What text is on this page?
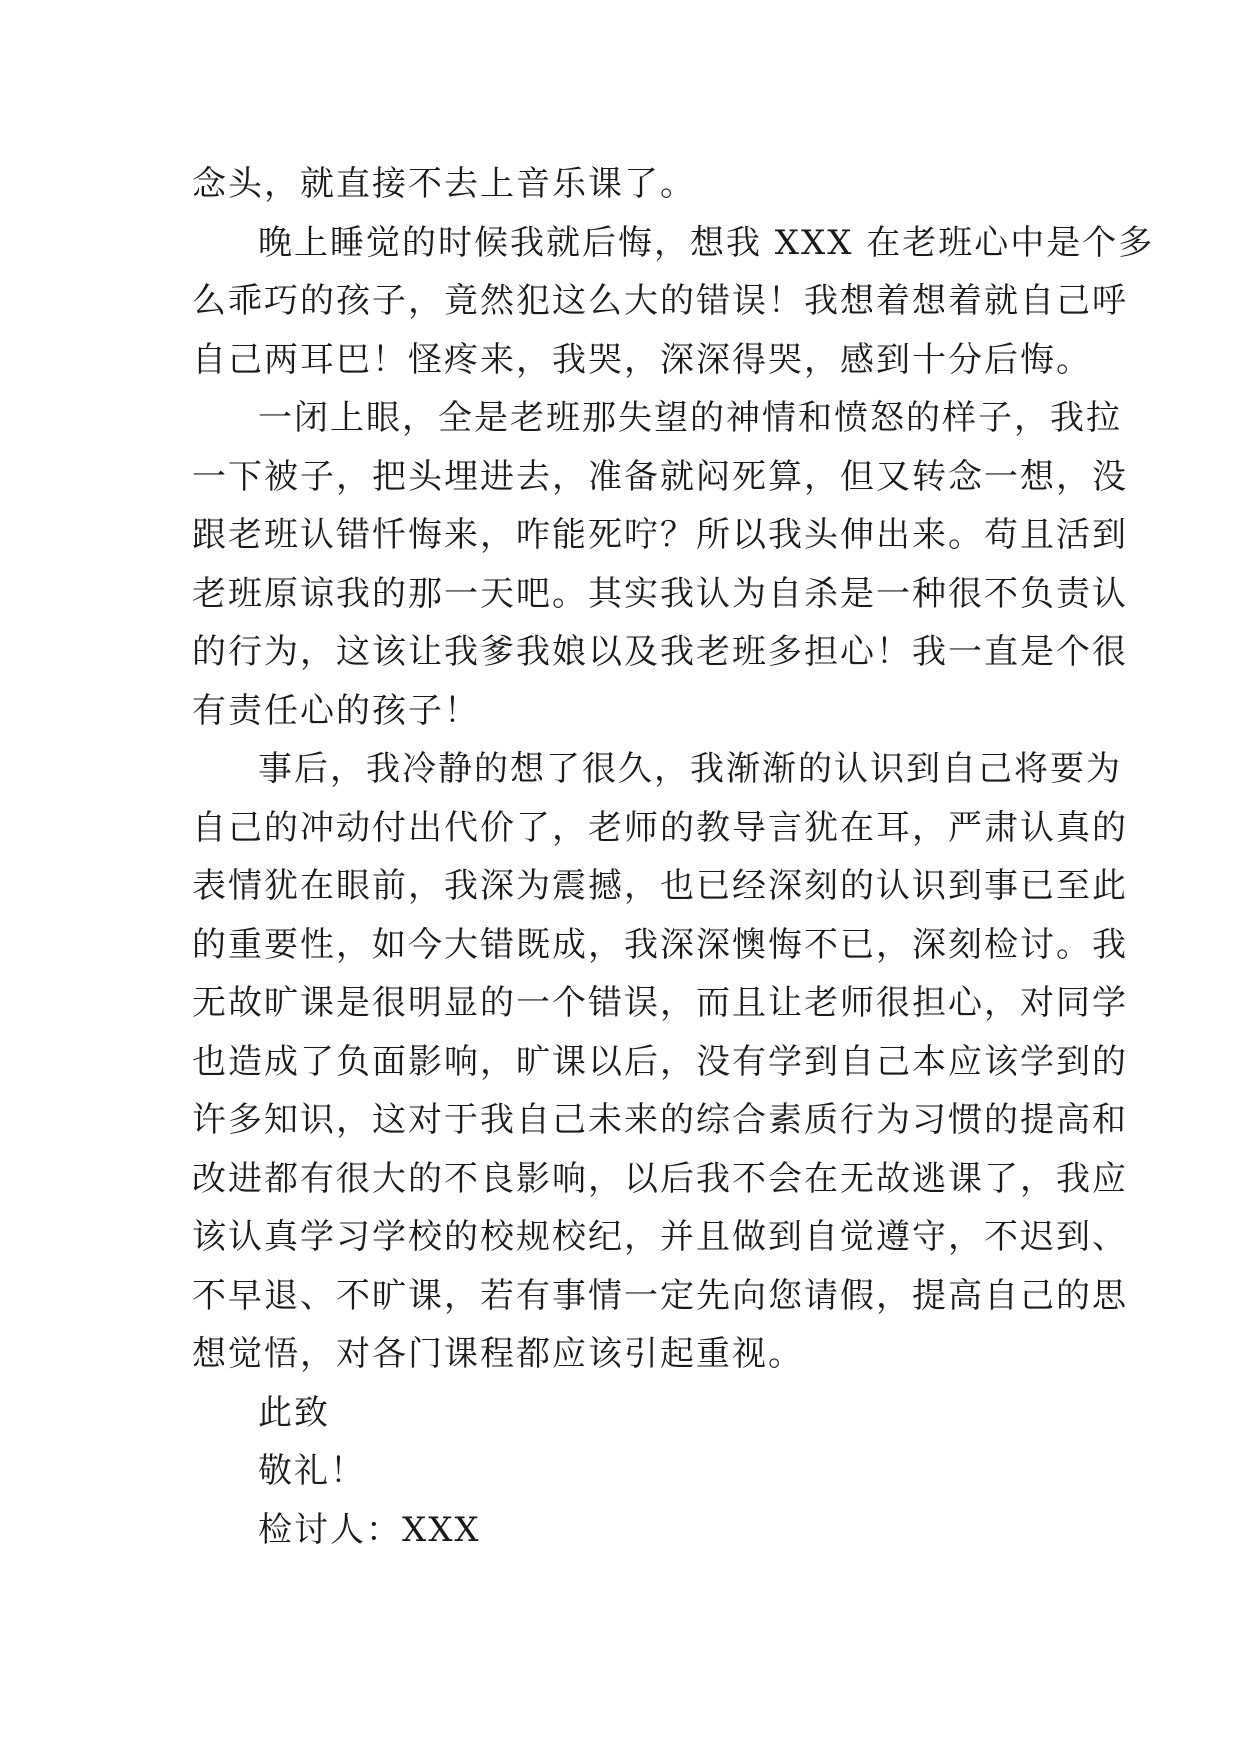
念头，就直接不去上音乐课了。
晚上睡觉的时候我就后悔，想我 XXX 在老班心中是个多
么乖巧的孩子，竟然犯这么大的错误！我想着想着就自己呼
自己两耳巴！怪疼来，我哭，深深得哭，感到十分后悔。
一闭上眼，全是老班那失望的神情和愤怒的样子，我拉
一下被子，把头埋进去，准备就闷死算，但又转念一想，没
跟老班认错忏悔来，咋能死咛？所以我头伸出来。苟且活到
老班原谅我的那一天吧。其实我认为自杀是一种很不负责认
的行为，这该让我爹我娘以及我老班多担心！我一直是个很
有责任心的孩子！
事后，我冷静的想了很久，我渐渐的认识到自己将要为
自己的冲动付出代价了，老师的教导言犹在耳，严肃认真的
表情犹在眼前，我深为震撼，也已经深刻的认识到事已至此
的重要性，如今大错既成，我深深懊悔不已，深刻检讨。我
无故旷课是很明显的一个错误，而且让老师很担心，对同学
也造成了负面影响，旷课以后，没有学到自己本应该学到的
许多知识，这对于我自己未来的综合素质行为习惯的提高和
改进都有很大的不良影响，以后我不会在无故逃课了，我应
该认真学习学校的校规校纪，并且做到自觉遵守，不迟到、
不早退、不旷课，若有事情一定先向您请假，提高自己的思
想觉悟，对各门课程都应该引起重视。
此致
敬礼！
检讨人：XXX
